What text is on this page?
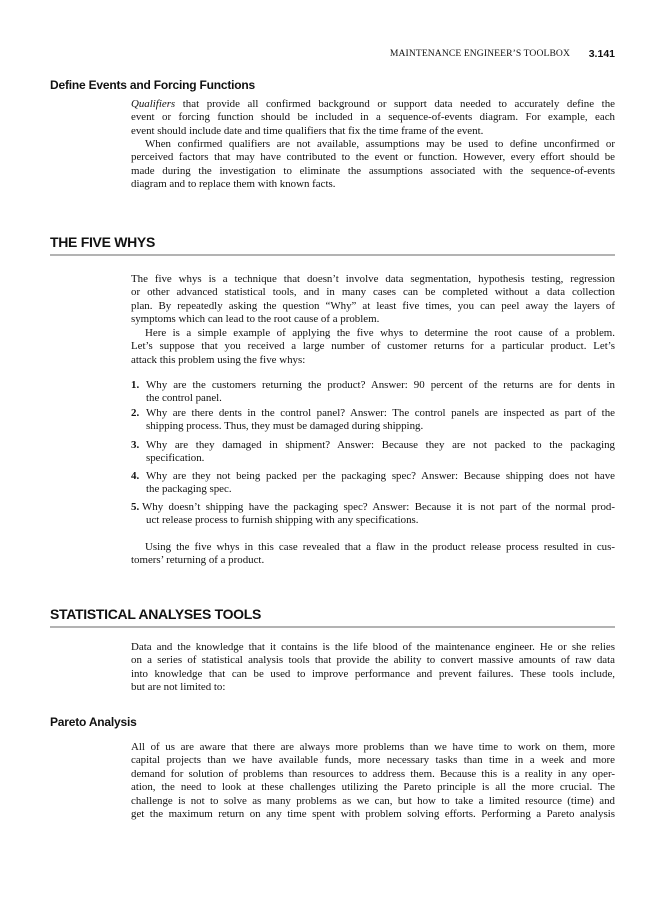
MAINTENANCE ENGINEER’S TOOLBOX 3.141
Define Events and Forcing Functions
Qualifiers that provide all confirmed background or support data needed to accurately define the
event or forcing function should be included in a sequence-of-events diagram. For example, each
event should include date and time qualifiers that fix the time frame of the event.
When confirmed qualifiers are not available, assumptions may be used to define unconfirmed or
perceived factors that may have contributed to the event or function. However, every effort should be
made during the investigation to eliminate the assumptions associated with the sequence-of-events
diagram and to replace them with known facts.
THE FIVE WHYS
The five whys is a technique that doesn’t involve data segmentation, hypothesis testing, regression
or other advanced statistical tools, and in many cases can be completed without a data collection
plan. By repeatedly asking the question “Why” at least five times, you can peel away the layers of
symptoms which can lead to the root cause of a problem.
Here is a simple example of applying the five whys to determine the root cause of a problem.
Let’s suppose that you received a large number of customer returns for a particular product. Let’s
attack this problem using the five whys:
1. Why are the customers returning the product? Answer: 90 percent of the returns are for dents in
the control panel.
2. Why are there dents in the control panel? Answer: The control panels are inspected as part of the
shipping process. Thus, they must be damaged during shipping.
3. Why are they damaged in shipment? Answer: Because they are not packed to the packaging
specification.
4. Why are they not being packed per the packaging spec? Answer: Because shipping does not have
the packaging spec.
5. Why doesn’t shipping have the packaging spec? Answer: Because it is not part of the normal prod-
uct release process to furnish shipping with any specifications.
Using the five whys in this case revealed that a flaw in the product release process resulted in cus-
tomers’ returning of a product.
STATISTICAL ANALYSES TOOLS
Data and the knowledge that it contains is the life blood of the maintenance engineer. He or she relies
on a series of statistical analysis tools that provide the ability to convert massive amounts of raw data
into knowledge that can be used to improve performance and prevent failures. These tools include,
but are not limited to:
Pareto Analysis
All of us are aware that there are always more problems than we have time to work on them, more
capital projects than we have available funds, more necessary tasks than time in a week and more
demand for solution of problems than resources to address them. Because this is a reality in any oper-
ation, the need to look at these challenges utilizing the Pareto principle is all the more crucial. The
challenge is not to solve as many problems as we can, but how to take a limited resource (time) and
get the maximum return on any time spent with problem solving efforts. Performing a Pareto analysis
